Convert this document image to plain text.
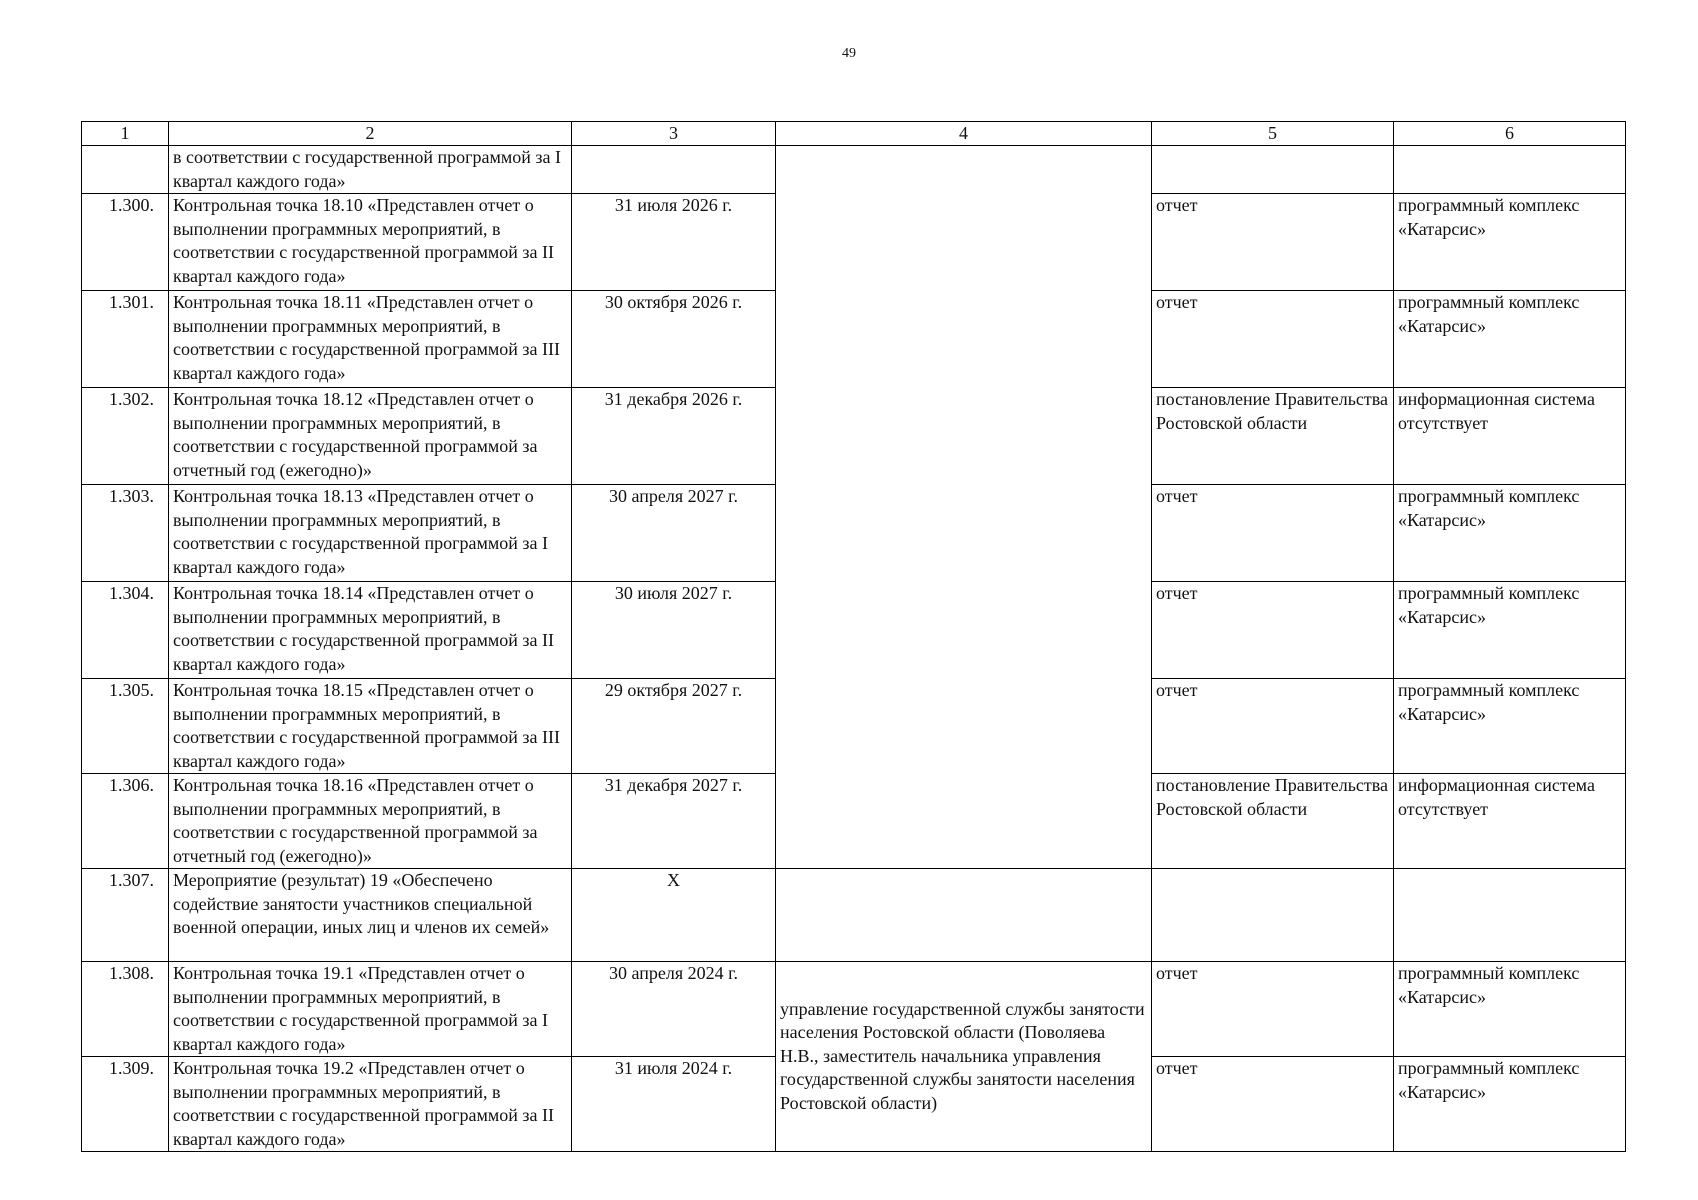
49
1	2	3	4	5	6
	в соответствии с государственной программой за I квартал каждого года»				
1.300.	Контрольная точка 18.10 «Представлен отчет о выполнении программных мероприятий, в соответствии с государственной программой за II квартал каждого года»	31 июля 2026 г.		отчет	программный комплекс «Катарсис»
1.301.	Контрольная точка 18.11 «Представлен отчет о выполнении программных мероприятий, в соответствии с государственной программой за III квартал каждого года»	30 октября 2026 г.		отчет	программный комплекс «Катарсис»
1.302.	Контрольная точка 18.12 «Представлен отчет о выполнении программных мероприятий, в соответствии с государственной программой за отчетный год (ежегодно)»	31 декабря 2026 г.		постановление Правительства Ростовской области	информационная система отсутствует
1.303.	Контрольная точка 18.13 «Представлен отчет о выполнении программных мероприятий, в соответствии с государственной программой за I квартал каждого года»	30 апреля 2027 г.		отчет	программный комплекс «Катарсис»
1.304.	Контрольная точка 18.14 «Представлен отчет о выполнении программных мероприятий, в соответствии с государственной программой за II квартал каждого года»	30 июля 2027 г.		отчет	программный комплекс «Катарсис»
1.305.	Контрольная точка 18.15 «Представлен отчет о выполнении программных мероприятий, в соответствии с государственной программой за III квартал каждого года»	29 октября 2027 г.		отчет	программный комплекс «Катарсис»
1.306.	Контрольная точка 18.16 «Представлен отчет о выполнении программных мероприятий, в соответствии с государственной программой за отчетный год (ежегодно)»	31 декабря 2027 г.		постановление Правительства Ростовской области	информационная система отсутствует
1.307.	Мероприятие (результат) 19 «Обеспечено содействие занятости участников специальной военной операции, иных лиц и членов их семей»	X			
1.308.	Контрольная точка 19.1 «Представлен отчет о выполнении программных мероприятий, в соответствии с государственной программой за I квартал каждого года»	30 апреля 2024 г.	управление государственной службы занятости населения Ростовской области (Поволяева Н.В., заместитель начальника управления государственной службы занятости населения Ростовской области)	отчет	программный комплекс «Катарсис»
1.309.	Контрольная точка 19.2 «Представлен отчет о выполнении программных мероприятий, в соответствии с государственной программой за II квартал каждого года»	31 июля 2024 г.		отчет	программный комплекс «Катарсис»
